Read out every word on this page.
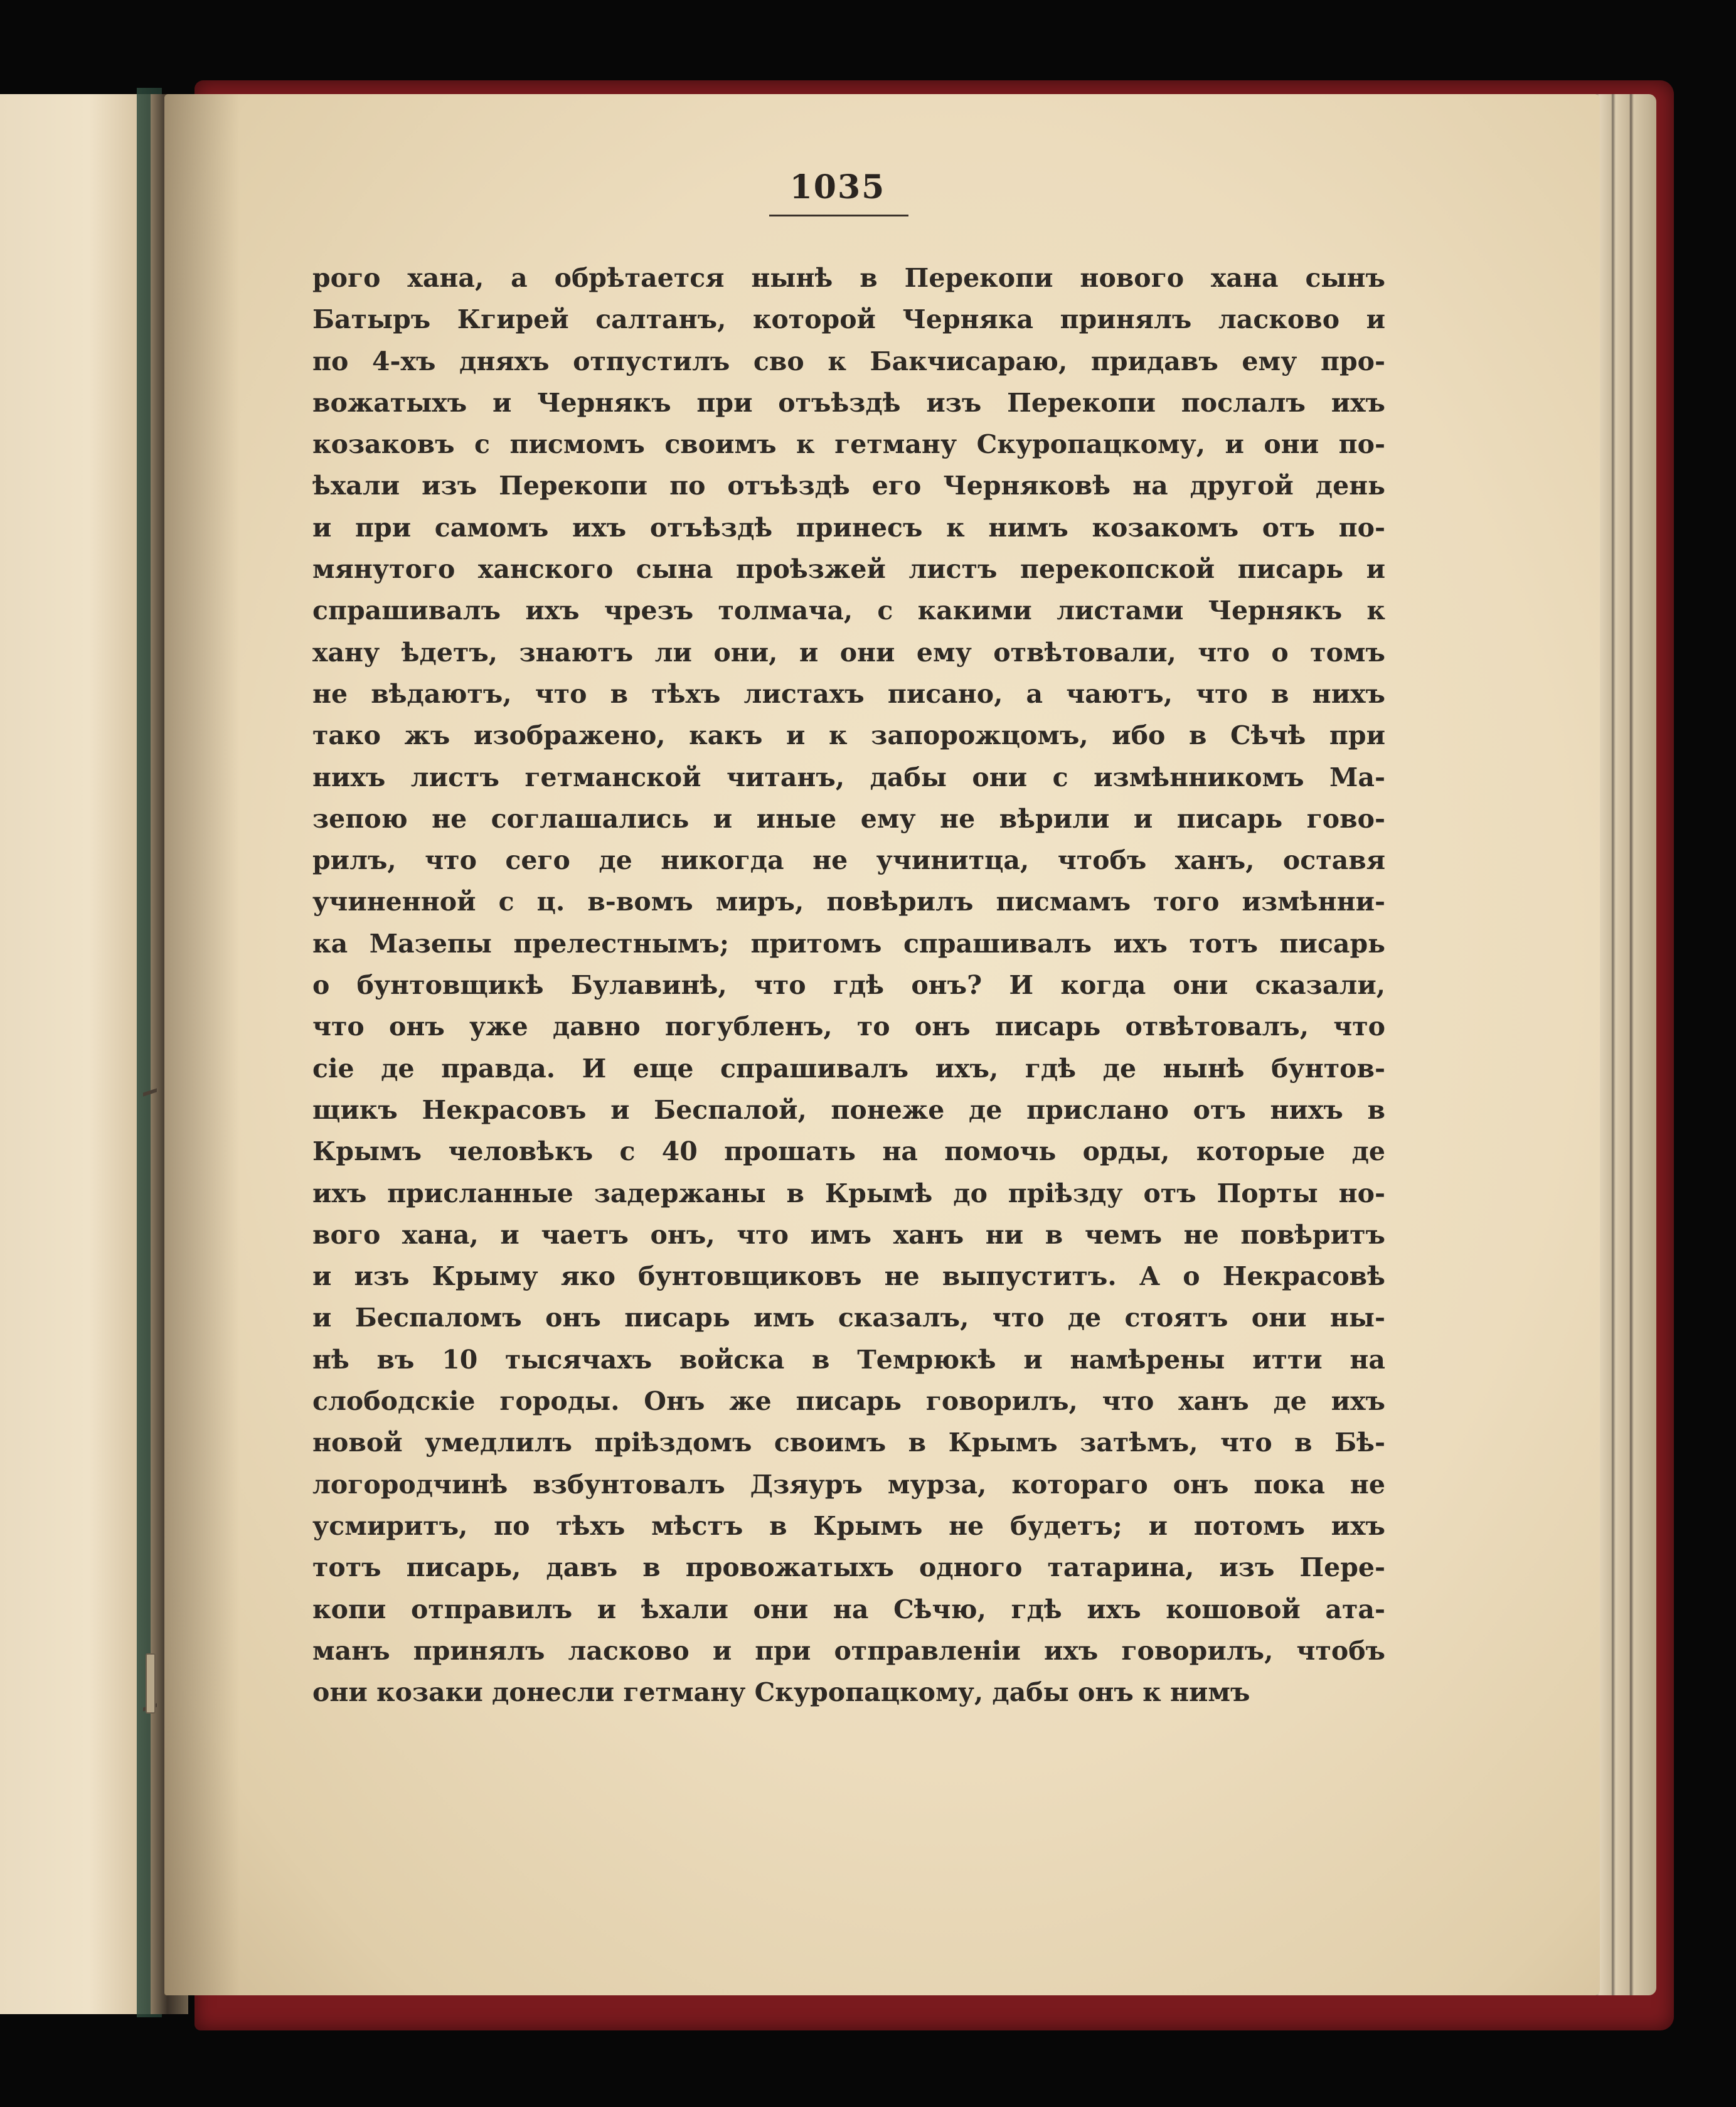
1035
рого хана, а обрѣтается нынѣ в Перекопи нового хана сынъ
Батыръ Кгирей салтанъ, которой Черняка принялъ ласково и
по 4-хъ дняхъ отпустилъ сво к Бакчисараю, придавъ ему про-
вожатыхъ и Чернякъ при отъѣздѣ изъ Перекопи послалъ ихъ
козаковъ с писмомъ своимъ к гетману Скуропацкому, и они по-
ѣхали изъ Перекопи по отъѣздѣ его Черняковѣ на другой день
и при самомъ ихъ отъѣздѣ принесъ к нимъ козакомъ отъ по-
мянутого ханского сына проѣзжей листъ перекопской писарь и
спрашивалъ ихъ чрезъ толмача, с какими листами Чернякъ к
хану ѣдетъ, знаютъ ли они, и они ему отвѣтовали, что о томъ
не вѣдаютъ, что в тѣхъ листахъ писано, а чаютъ, что в нихъ
тако жъ изображено, какъ и к запорожцомъ, ибо в Сѣчѣ при
нихъ листъ гетманской читанъ, дабы они с измѣнникомъ Ма-
зепою не соглашались и иные ему не вѣрили и писарь гово-
рилъ, что сего де никогда не учинитца, чтобъ ханъ, оставя
учиненной с ц. в-вомъ миръ, повѣрилъ писмамъ того измѣнни-
ка Мазепы прелестнымъ; притомъ спрашивалъ ихъ тотъ писарь
о бунтовщикѣ Булавинѣ, что гдѣ онъ? И когда они сказали,
что онъ уже давно погубленъ, то онъ писарь отвѣтовалъ, что
сіе де правда. И еще спрашивалъ ихъ, гдѣ де нынѣ бунтов-
щикъ Некрасовъ и Беспалой, понеже де прислано отъ нихъ в
Крымъ человѣкъ с 40 прошать на помочь орды, которые де
ихъ присланные задержаны в Крымѣ до пріѣзду отъ Порты но-
вого хана, и чаетъ онъ, что имъ ханъ ни в чемъ не повѣритъ
и изъ Крыму яко бунтовщиковъ не выпуститъ. А о Некрасовѣ
и Беспаломъ онъ писарь имъ сказалъ, что де стоятъ они ны-
нѣ въ 10 тысячахъ войска в Темрюкѣ и намѣрены итти на
слободскіе городы. Онъ же писарь говорилъ, что ханъ де ихъ
новой умедлилъ пріѣздомъ своимъ в Крымъ затѣмъ, что в Бѣ-
логородчинѣ взбунтовалъ Дзяуръ мурза, котораго онъ пока не
усмиритъ, по тѣхъ мѣстъ в Крымъ не будетъ; и потомъ ихъ
тотъ писарь, давъ в провожатыхъ одного татарина, изъ Пере-
копи отправилъ и ѣхали они на Сѣчю, гдѣ ихъ кошовой ата-
манъ принялъ ласково и при отправленіи ихъ говорилъ, чтобъ
они козаки донесли гетману Скуропацкому, дабы онъ к нимъ
